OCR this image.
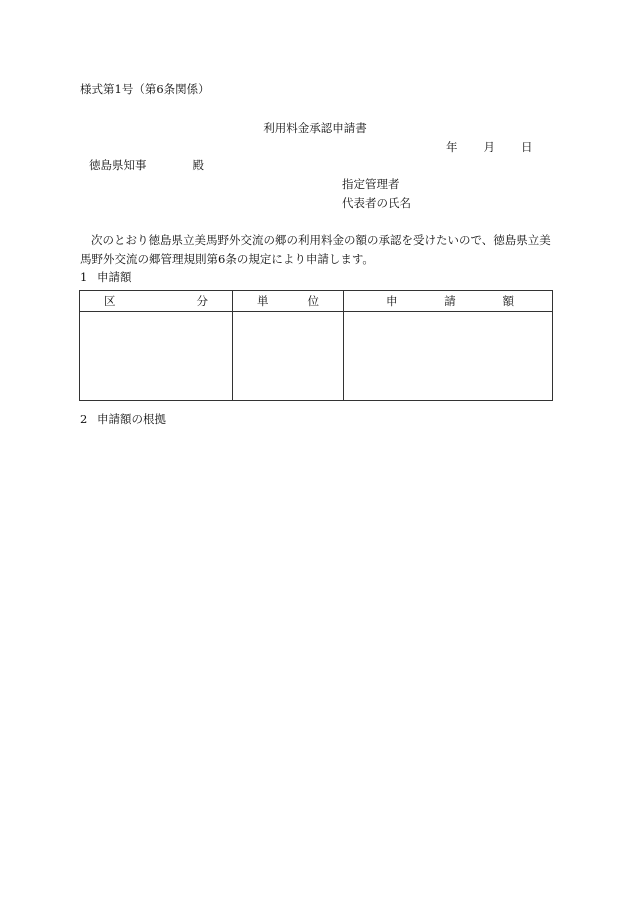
様式第1号（第6条関係）
利用料金承認申請書
年 月 日
徳島県知事	殿
指定管理者
代表者の氏名
次のとおり徳島県立美馬野外交流の郷の利用料金の額の承認を受けたいので、徳島県立美馬野外交流の郷管理規則第6条の規定により申請します。
1 申請額
区 分	単 位	申 請 額

2 申請額の根拠
